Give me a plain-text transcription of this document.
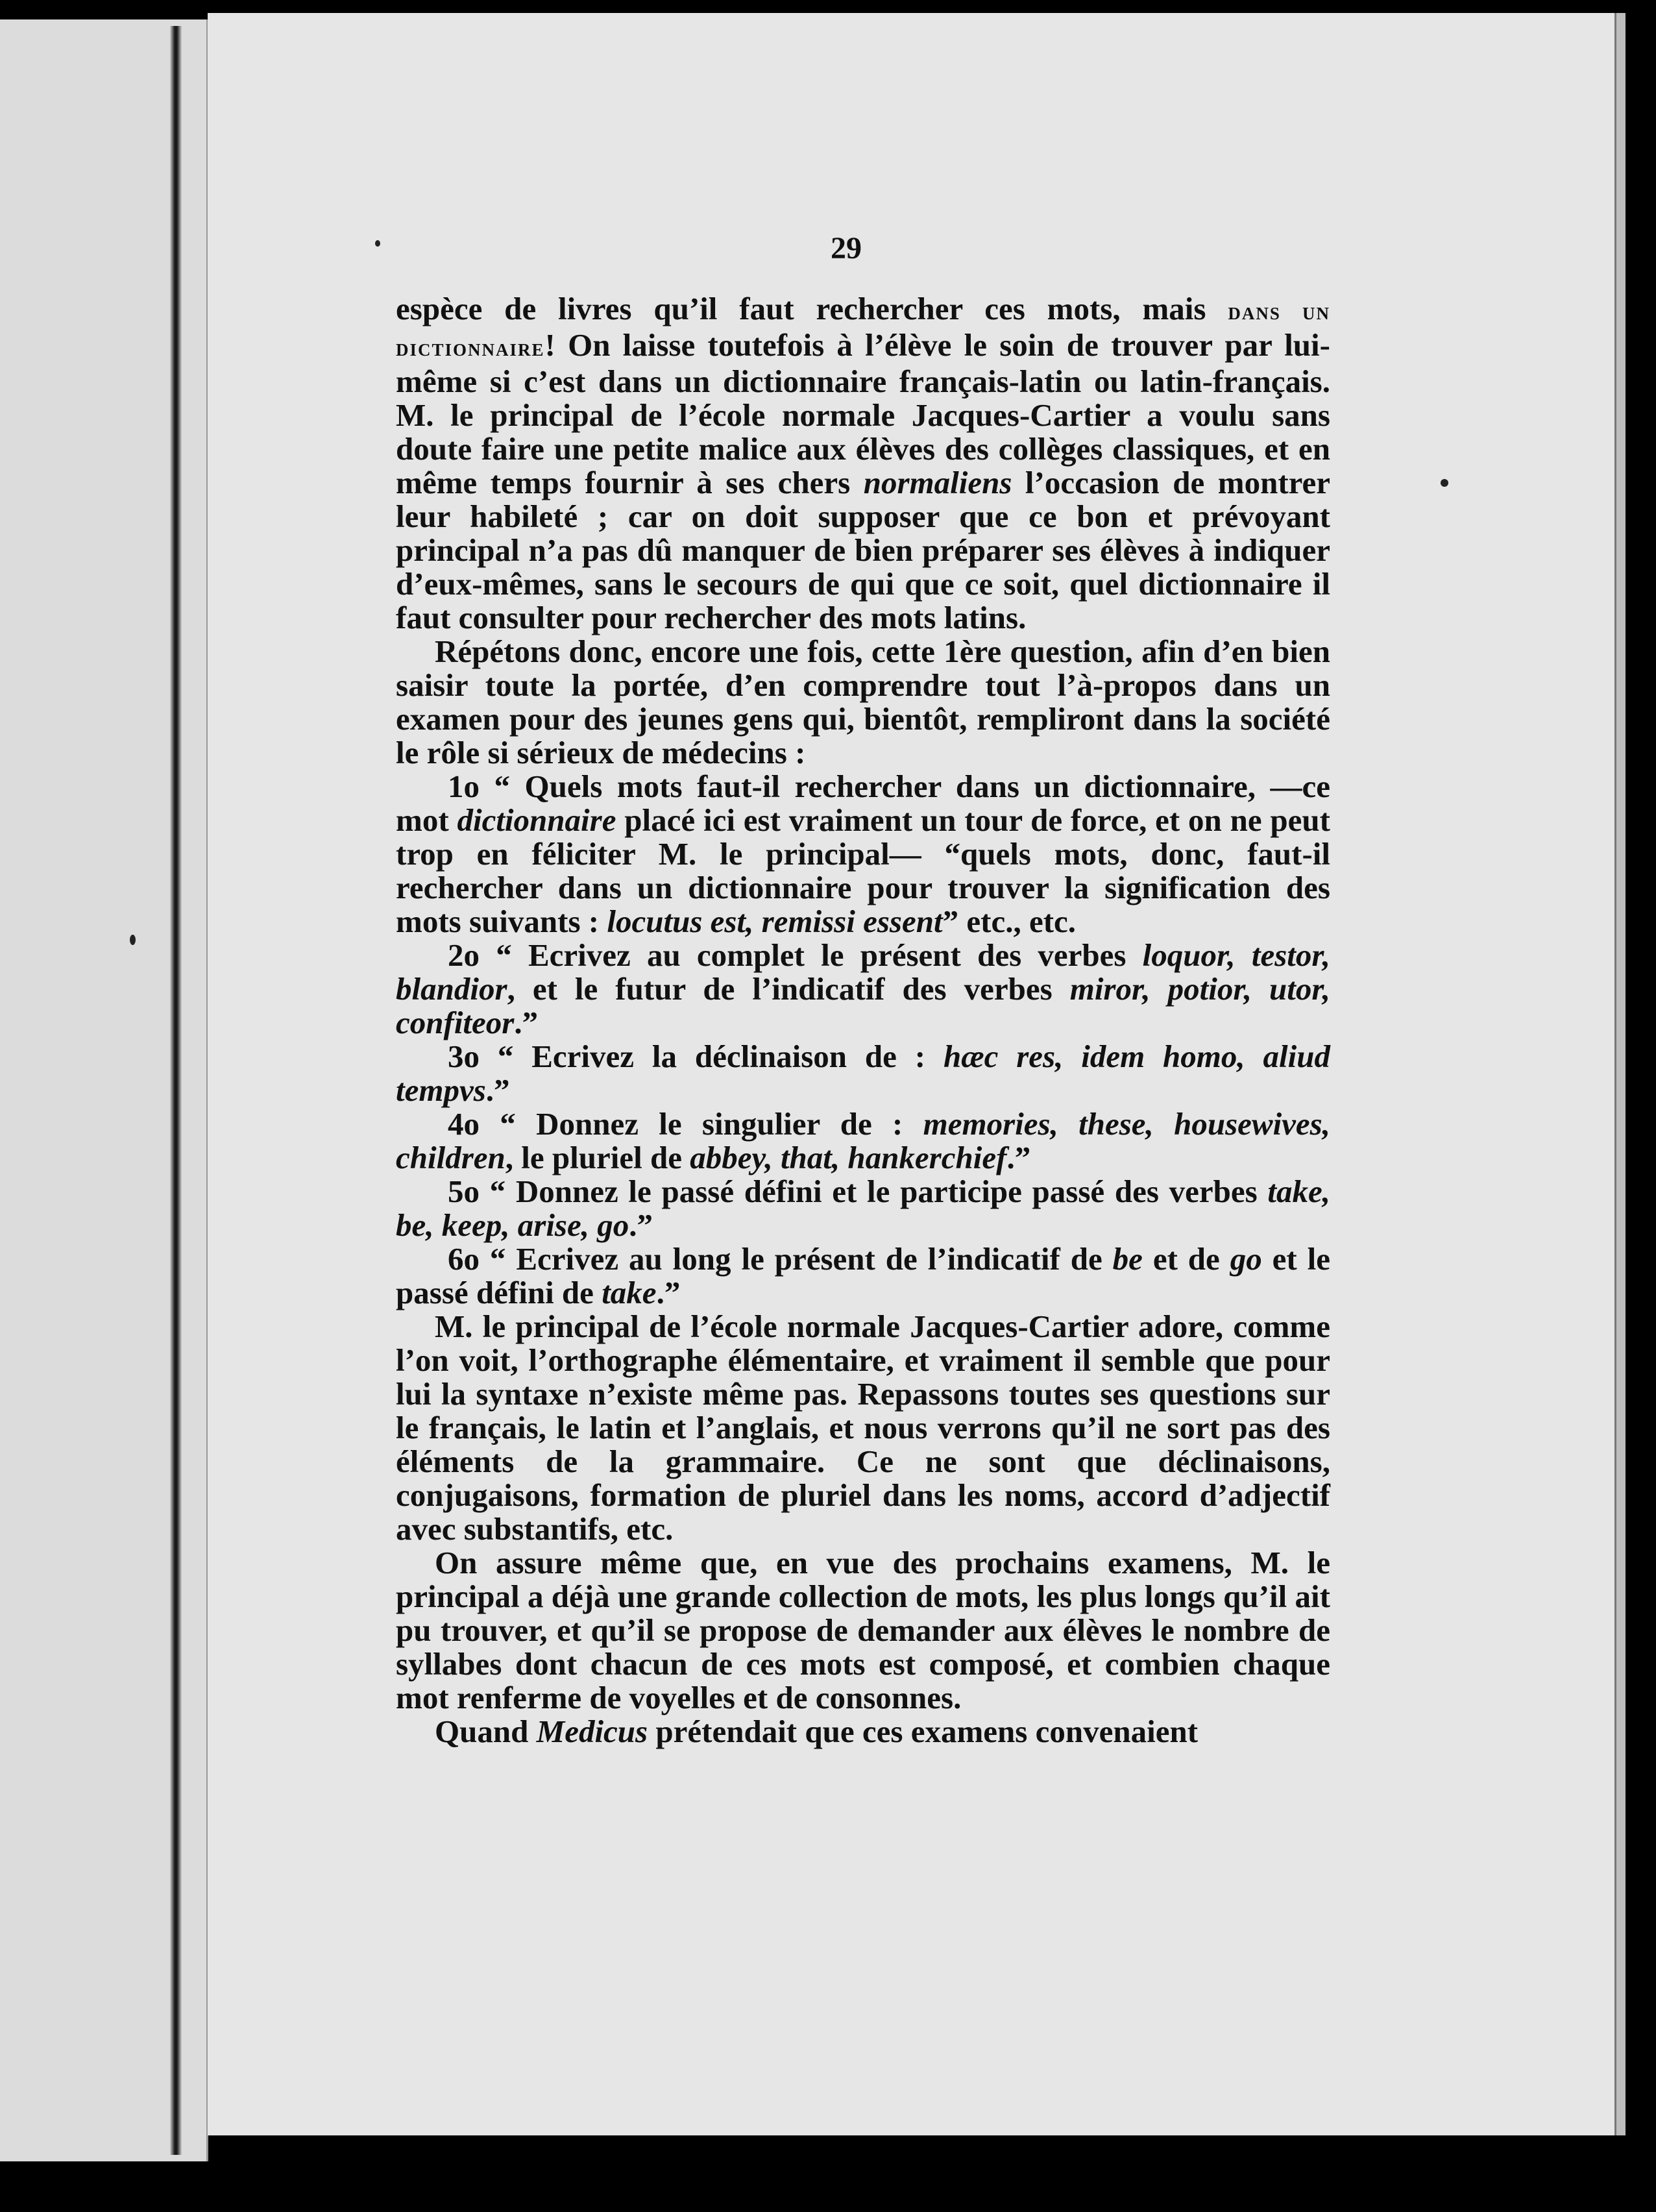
29

espèce de livres qu’il faut rechercher ces mots, mais dans un dictionnaire! On laisse toutefois à l’élève le soin de trouver par lui-même si c’est dans un dictionnaire français-latin ou latin-français. M. le principal de l’école normale Jacques-Cartier a voulu sans doute faire une petite malice aux élèves des collèges classiques, et en même temps fournir à ses chers normaliens l’occasion de montrer leur habileté ; car on doit supposer que ce bon et prévoyant principal n’a pas dû manquer de bien préparer ses élèves à indiquer d’eux-mêmes, sans le secours de qui que ce soit, quel dictionnaire il faut consulter pour rechercher des mots latins.

Répétons donc, encore une fois, cette 1ère question, afin d’en bien saisir toute la portée, d’en comprendre tout l’à-propos dans un examen pour des jeunes gens qui, bientôt, rempliront dans la société le rôle si sérieux de médecins :

1o “ Quels mots faut-il rechercher dans un dictionnaire, —ce mot dictionnaire placé ici est vraiment un tour de force, et on ne peut trop en féliciter M. le principal— “quels mots, donc, faut-il rechercher dans un dictionnaire pour trouver la signification des mots suivants : locutus est, remissi essent” etc., etc.

2o “ Ecrivez au complet le présent des verbes loquor, testor, blandior, et le futur de l’indicatif des verbes miror, potior, utor, confiteor.”

3o “ Ecrivez la déclinaison de : hæc res, idem homo, aliud tempvs.”

4o “ Donnez le singulier de : memories, these, housewives, children, le pluriel de abbey, that, hankerchief.”

5o “ Donnez le passé défini et le participe passé des verbes take, be, keep, arise, go.”

6o “ Ecrivez au long le présent de l’indicatif de be et de go et le passé défini de take.”

M. le principal de l’école normale Jacques-Cartier adore, comme l’on voit, l’orthographe élémentaire, et vraiment il semble que pour lui la syntaxe n’existe même pas. Repassons toutes ses questions sur le français, le latin et l’anglais, et nous verrons qu’il ne sort pas des éléments de la grammaire. Ce ne sont que déclinaisons, conjugaisons, formation de pluriel dans les noms, accord d’adjectif avec substantifs, etc.

On assure même que, en vue des prochains examens, M. le principal a déjà une grande collection de mots, les plus longs qu’il ait pu trouver, et qu’il se propose de demander aux élèves le nombre de syllabes dont chacun de ces mots est composé, et combien chaque mot renferme de voyelles et de consonnes.

Quand Medicus prétendait que ces examens convenaient
